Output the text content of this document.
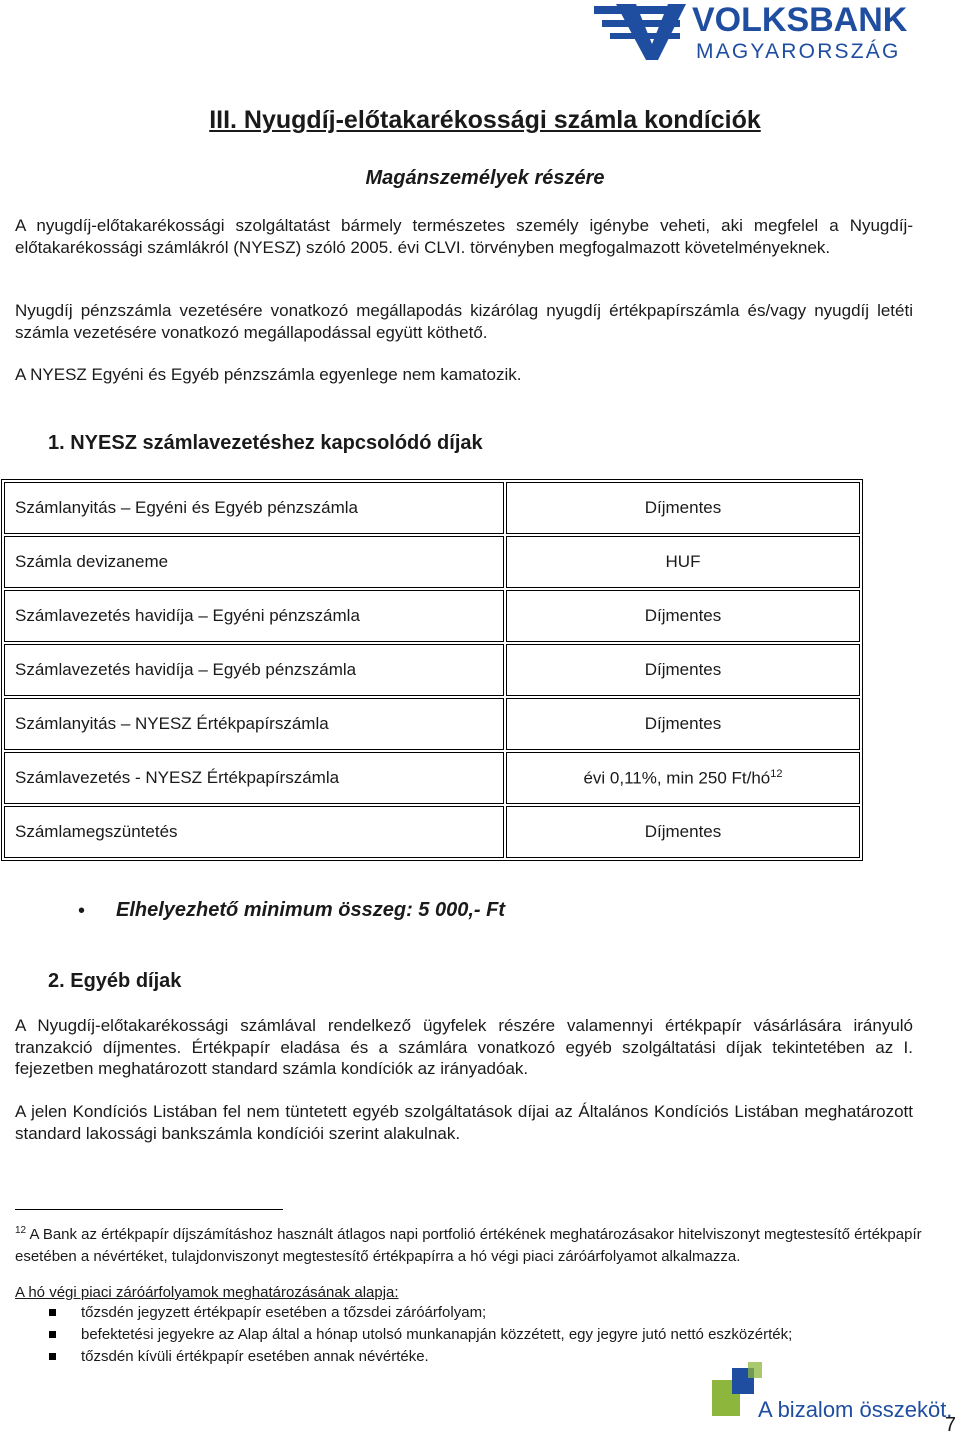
VOLKSBANK
MAGYARORSZÁG
III. Nyugdíj-előtakarékossági számla kondíciók
Magánszemélyek részére

A nyugdíj-előtakarékossági szolgáltatást bármely természetes személy igénybe veheti, aki megfelel a Nyugdíj-előtakarékossági számlákról (NYESZ) szóló 2005. évi CLVI. törvényben megfogalmazott követelményeknek.

Nyugdíj pénzszámla vezetésére vonatkozó megállapodás kizárólag nyugdíj értékpapírszámla és/vagy nyugdíj letéti számla vezetésére vonatkozó megállapodással együtt köthető.

A NYESZ Egyéni és Egyéb pénzszámla egyenlege nem kamatozik.

1. NYESZ számlavezetéshez kapcsolódó díjak
Számlanyitás – Egyéni és Egyéb pénzszámla	Díjmentes
Számla devizaneme	HUF
Számlavezetés havidíja – Egyéni pénzszámla	Díjmentes
Számlavezetés havidíja – Egyéb pénzszámla	Díjmentes
Számlanyitás – NYESZ Értékpapírszámla	Díjmentes
Számlavezetés - NYESZ Értékpapírszámla	évi 0,11%, min 250 $Ft/hó^{12}$
Számlamegszüntetés	Díjmentes
• Elhelyezhető minimum összeg: 5 000,- Ft
2. Egyéb díjak

A Nyugdíj-előtakarékossági számlával rendelkező ügyfelek részére valamennyi értékpapír vásárlására irányuló tranzakció díjmentes. Értékpapír eladása és a számlára vonatkozó egyéb szolgáltatási díjak tekintetében az I. fejezetben meghatározott standard számla kondíciók az irányadóak.

A jelen Kondíciós Listában fel nem tüntetett egyéb szolgáltatások díjai az Általános Kondíciós Listában meghatározott standard lakossági bankszámla kondíciói szerint alakulnak.

$^{12}$ A Bank az értékpapír díjszámításhoz használt átlagos napi portfolió értékének meghatározásakor hitelviszonyt megtestesítő értékpapír esetében a névértéket, tulajdonviszonyt megtestesítő értékpapírra a hó végi piaci záróárfolyamot alkalmazza.

A hó végi piaci záróárfolyamok meghatározásának alapja:
tőzsdén jegyzett értékpapír esetében a tőzsdei záróárfolyam;
befektetési jegyekre az Alap által a hónap utolsó munkanapján közzétett, egy jegyre jutó nettó eszközérték;
tőzsdén kívüli értékpapír esetében annak névértéke.
A bizalom összeköt.
7
